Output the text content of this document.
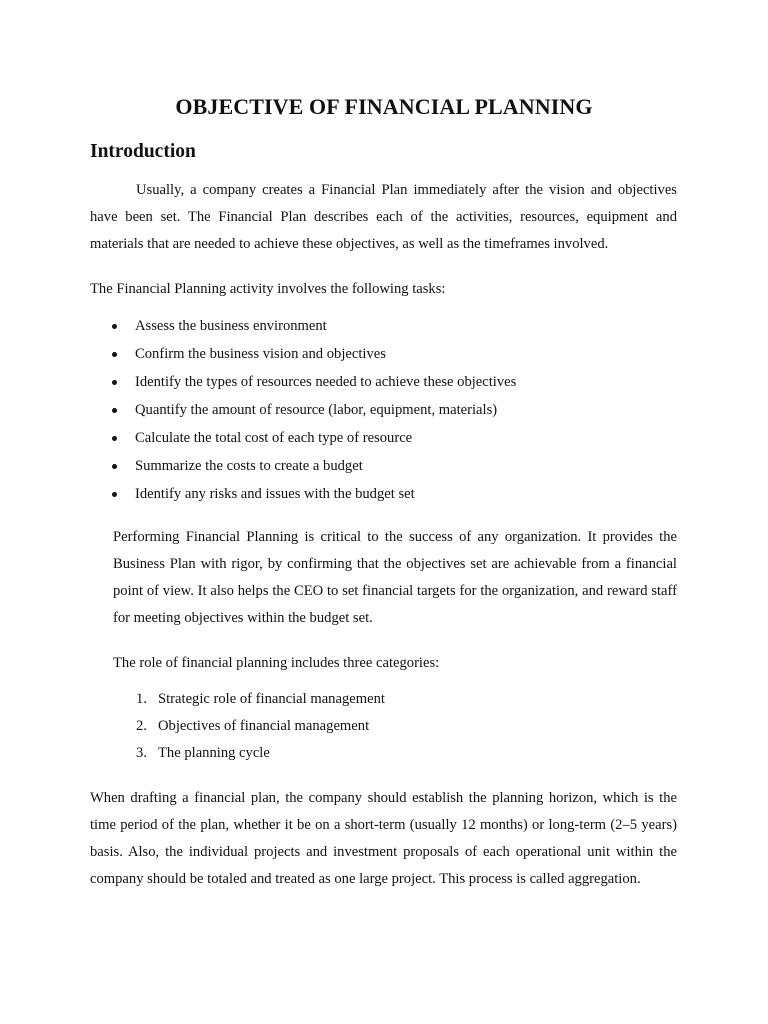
OBJECTIVE OF FINANCIAL PLANNING
Introduction

Usually, a company creates a Financial Plan immediately after the vision and objectives have been set. The Financial Plan describes each of the activities, resources, equipment and materials that are needed to achieve these objectives, as well as the timeframes involved.

The Financial Planning activity involves the following tasks:

Assess the business environment
Confirm the business vision and objectives
Identify the types of resources needed to achieve these objectives
Quantify the amount of resource (labor, equipment, materials)
Calculate the total cost of each type of resource
Summarize the costs to create a budget
Identify any risks and issues with the budget set

Performing Financial Planning is critical to the success of any organization. It provides the Business Plan with rigor, by confirming that the objectives set are achievable from a financial point of view. It also helps the CEO to set financial targets for the organization, and reward staff for meeting objectives within the budget set.

The role of financial planning includes three categories:

1. Strategic role of financial management
2. Objectives of financial management
3. The planning cycle

When drafting a financial plan, the company should establish the planning horizon, which is the time period of the plan, whether it be on a short-term (usually 12 months) or long-term (2–5 years) basis. Also, the individual projects and investment proposals of each operational unit within the company should be totaled and treated as one large project. This process is called aggregation.
